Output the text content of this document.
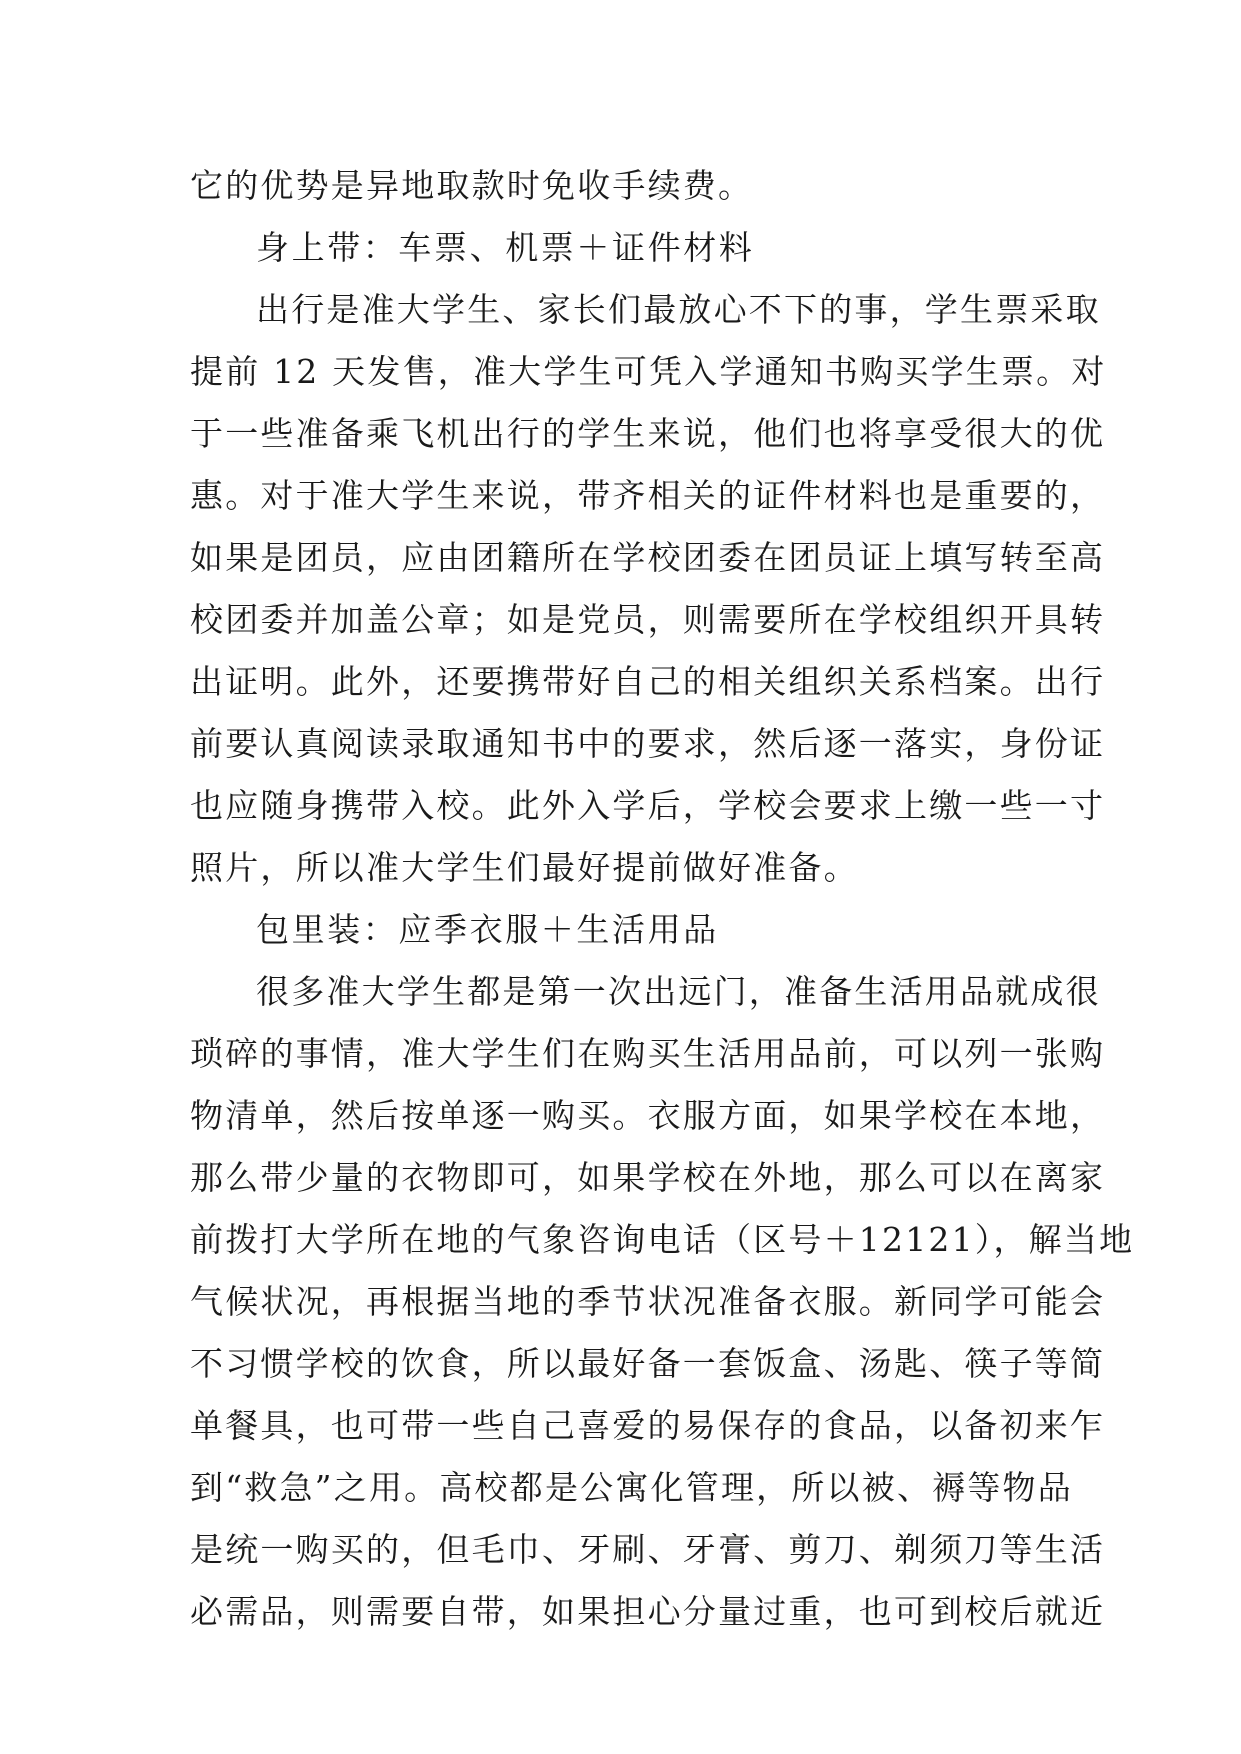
它的优势是异地取款时免收手续费。
身上带：车票、机票＋证件材料
出行是准大学生、家长们最放心不下的事，学生票采取
提前 12 天发售，准大学生可凭入学通知书购买学生票。对
于一些准备乘飞机出行的学生来说，他们也将享受很大的优
惠。对于准大学生来说，带齐相关的证件材料也是重要的，
如果是团员，应由团籍所在学校团委在团员证上填写转至高
校团委并加盖公章；如是党员，则需要所在学校组织开具转
出证明。此外，还要携带好自己的相关组织关系档案。出行
前要认真阅读录取通知书中的要求，然后逐一落实，身份证
也应随身携带入校。此外入学后，学校会要求上缴一些一寸
照片，所以准大学生们最好提前做好准备。
包里装：应季衣服＋生活用品
很多准大学生都是第一次出远门，准备生活用品就成很
琐碎的事情，准大学生们在购买生活用品前，可以列一张购
物清单，然后按单逐一购买。衣服方面，如果学校在本地，
那么带少量的衣物即可，如果学校在外地，那么可以在离家
前拨打大学所在地的气象咨询电话（区号＋12121），解当地
气候状况，再根据当地的季节状况准备衣服。新同学可能会
不习惯学校的饮食，所以最好备一套饭盒、汤匙、筷子等简
单餐具，也可带一些自己喜爱的易保存的食品，以备初来乍
到“救急”之用。高校都是公寓化管理，所以被、褥等物品
是统一购买的，但毛巾、牙刷、牙膏、剪刀、剃须刀等生活
必需品，则需要自带，如果担心分量过重，也可到校后就近
